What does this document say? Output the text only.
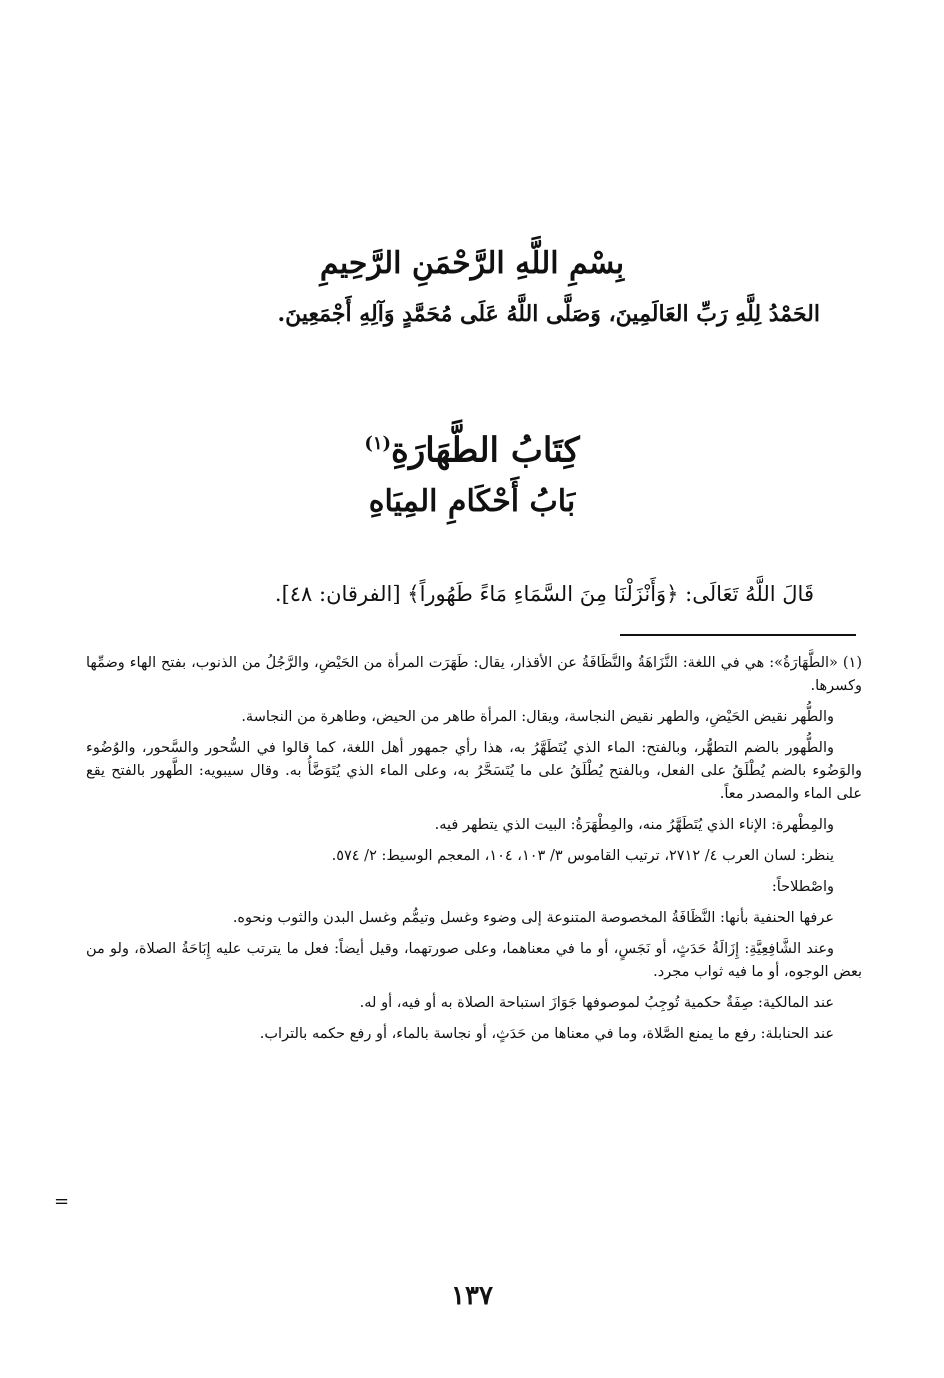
بِسْمِ اللَّهِ الرَّحْمَنِ الرَّحِيمِ
الحَمْدُ لِلَّهِ رَبِّ العَالَمِينَ، وَصَلَّى اللَّهُ عَلَى مُحَمَّدٍ وَآلِهِ أَجْمَعِينَ.
كِتَابُ الطَّهَارَةِ$^{(١)}$
بَابُ أَحْكَامِ المِيَاهِ
قَالَ اللَّهُ تَعَالَى: ﴿وَأَنْزَلْنَا مِنَ السَّمَاءِ مَاءً طَهُوراً﴾ [الفرقان: ٤٨].

(١) «الطَّهَارَةُ»: هي في اللغة: النَّزَاهَةُ والنَّظَافَةُ عن الأقذار، يقال: طَهَرَت المرأة من الحَيْضِ، والرَّجُلُ من الذنوب، بفتح الهاء وضمِّها وكسرها.

والطُّهر نقيض الحَيْضِ، والطهر نقيض النجاسة، ويقال: المرأة طاهر من الحيض، وطاهرة من النجاسة.

والطُّهور بالضم التطهُّر، وبالفتح: الماء الذي يُتَطَهَّرُ به، هذا رأي جمهور أهل اللغة، كما قالوا في السُّحور والسَّحور، والوُضُوء والوَضُوء بالضم يُطْلَقُ على الفعل، وبالفتح يُطْلَقُ على ما يُتَسَحَّرُ به، وعلى الماء الذي يُتَوَضَّأُ به. وقال سيبويه: الطَّهور بالفتح يقع على الماء والمصدر معاً.

والمِطْهرة: الإناء الذي يُتَطَهَّرُ منه، والمِطْهَرَةُ: البيت الذي يتطهر فيه.

ينظر: لسان العرب ٤/ ٢٧١٢، ترتيب القاموس ٣/ ١٠٣، ١٠٤، المعجم الوسيط: ٢/ ٥٧٤.

واصْطلاحاً:

عرفها الحنفية بأنها: النَّظَافَةُ المخصوصة المتنوعة إلى وضوء وغسل وتيمُّم وغسل البدن والثوب ونحوه.

وعند الشَّافِعِيَّةِ: إِزَالَةُ حَدَثٍ، أو نَجَسٍ، أو ما في معناهما، وعلى صورتهما، وقيل أيضاً: فعل ما يترتب عليه إِبَاحَةُ الصلاة، ولو من بعض الوجوه، أو ما فيه ثواب مجرد.

عند المالكية: صِفَةٌ حكمية تُوجِبُ لموصوفها جَوَازَ استباحة الصلاة به أو فيه، أو له.

عند الحنابلة: رفع ما يمنع الصَّلاة، وما في معناها من حَدَثٍ، أو نجاسة بالماء، أو رفع حكمه بالتراب.

=
١٣٧
